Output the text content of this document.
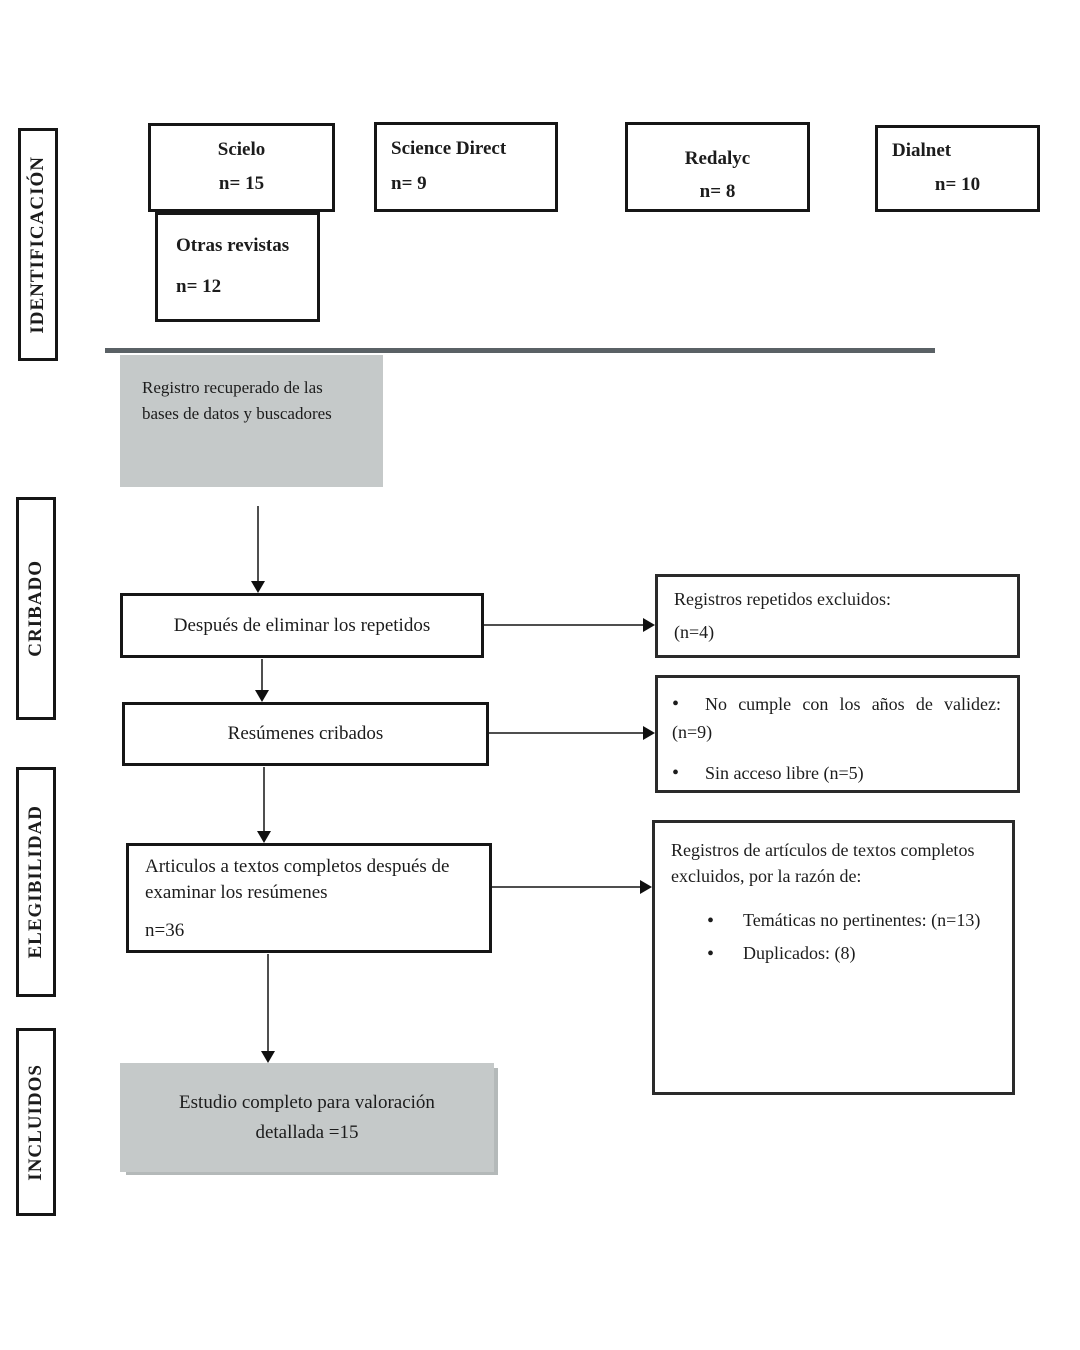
IDENTIFICACIÓN
CRIBADO
ELEGIBILIDAD
INCLUIDOS
Scielo
n= 15
Science Direct
n= 9
Redalyc
n= 8
Dialnet
n= 10
Otras revistas
n= 12
Registro recuperado de las bases de datos y buscadores
Después de eliminar los repetidos
Resúmenes cribados
Articulos a textos completos después de examinar los resúmenes
n=36
Estudio completo para valoración detallada =15
Registros repetidos excluidos:
(n=4)
• No cumple con los años de validez: (n=9)
• Sin acceso libre (n=5)
Registros de artículos de textos completos excluidos, por la razón de:
•
Temáticas no pertinentes: (n=13)
•
Duplicados: (8)
